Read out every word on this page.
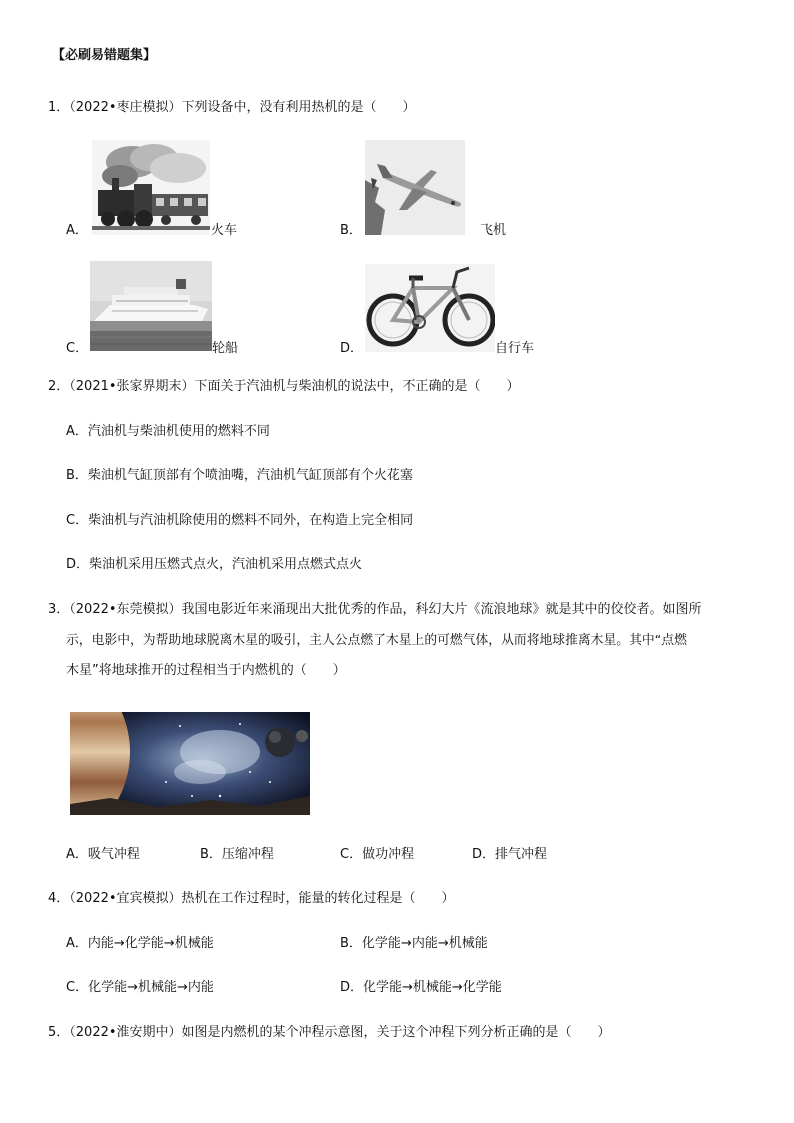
【必刷易错题集】
1．（2022•枣庄模拟）下列设备中，没有利用热机的是（　　）
A．	火车	B．	飞机
C．	轮船	D．	自行车
2．（2021•张家界期末）下面关于汽油机与柴油机的说法中，不正确的是（　　）
A．汽油机与柴油机使用的燃料不同
B．柴油机气缸顶部有个喷油嘴，汽油机气缸顶部有个火花塞
C．柴油机与汽油机除使用的燃料不同外，在构造上完全相同
D．柴油机采用压燃式点火，汽油机采用点燃式点火
3．（2022•东莞模拟）我国电影近年来涌现出大批优秀的作品，科幻大片《流浪地球》就是其中的佼佼者。如图所
示，电影中，为帮助地球脱离木星的吸引，主人公点燃了木星上的可燃气体，从而将地球推离木星。其中“点燃
木星”将地球推开的过程相当于内燃机的（　　）
A．吸气冲程	B．压缩冲程	C．做功冲程	D．排气冲程
4．（2022•宜宾模拟）热机在工作过程时，能量的转化过程是（　　）
A．内能→化学能→机械能	B．化学能→内能→机械能
C．化学能→机械能→内能	D．化学能→机械能→化学能
5．（2022•淮安期中）如图是内燃机的某个冲程示意图，关于这个冲程下列分析正确的是（　　）
